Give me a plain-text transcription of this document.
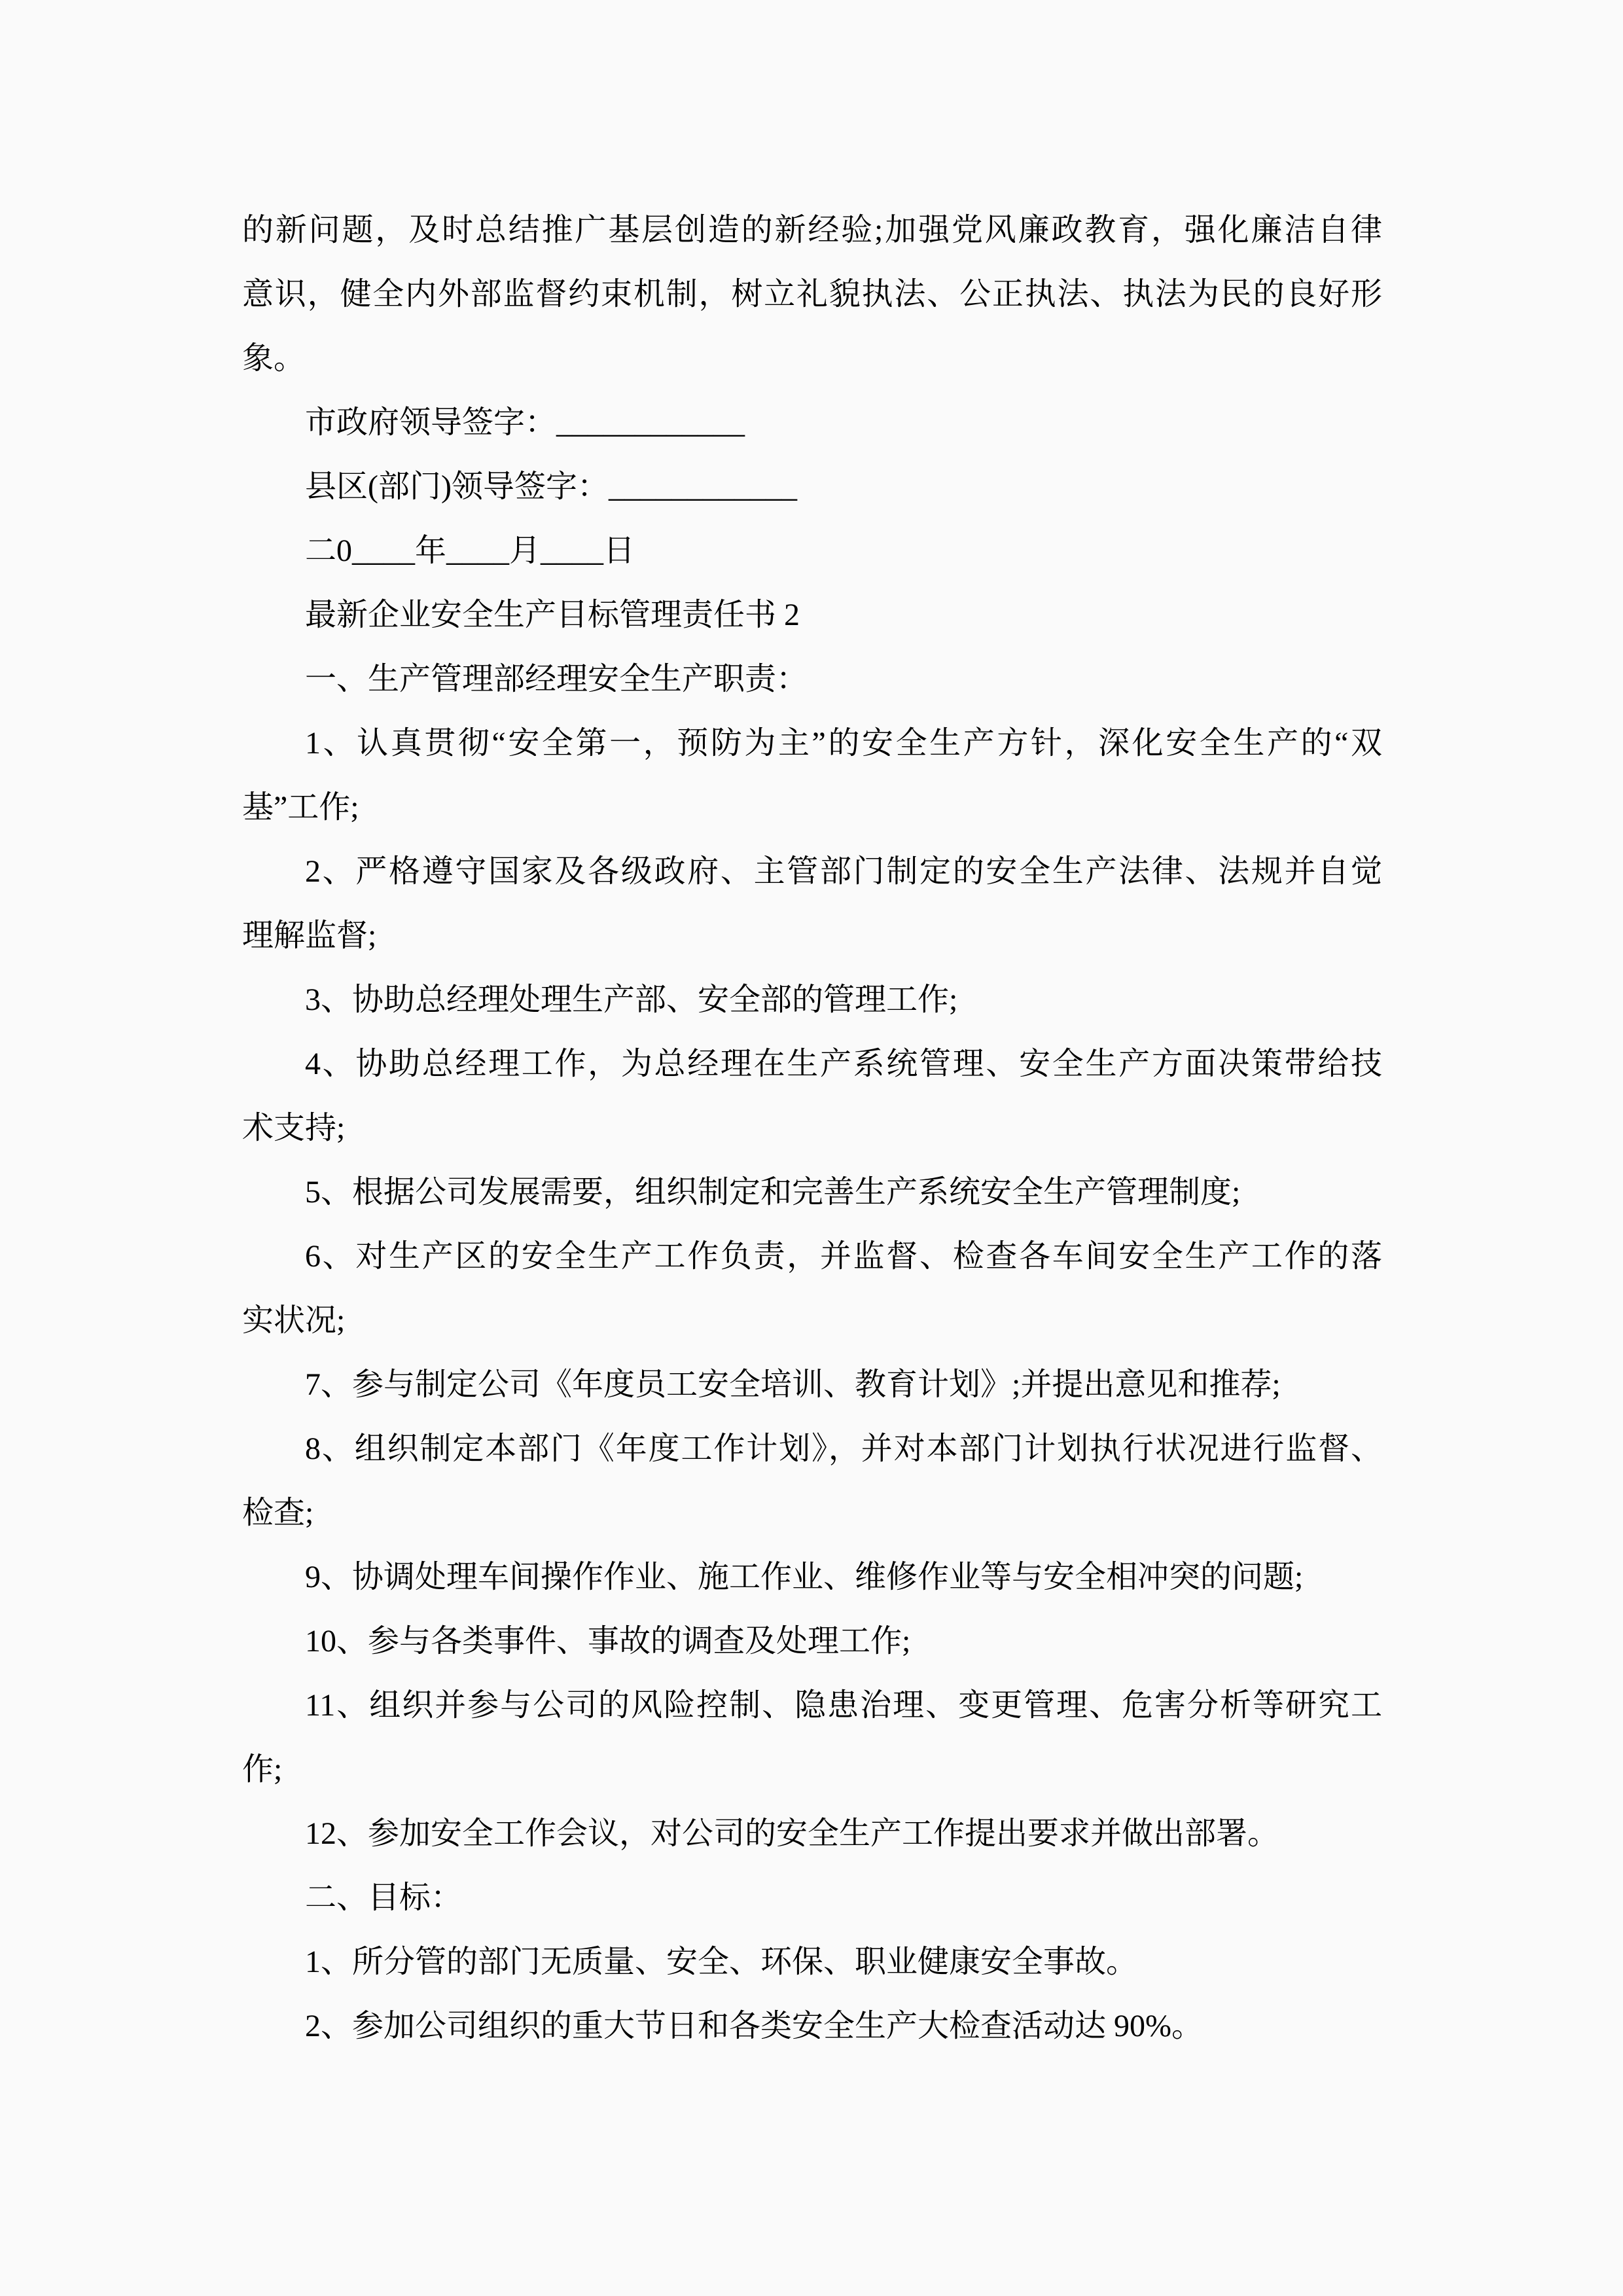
的新问题，及时总结推广基层创造的新经验;加强党风廉政教育，强化廉洁自律
意识，健全内外部监督约束机制，树立礼貌执法、公正执法、执法为民的良好形
象。
市政府领导签字：____________
县区(部门)领导签字：____________
二0____年____月____日
最新企业安全生产目标管理责任书 2
一、生产管理部经理安全生产职责：
1、认真贯彻“安全第一，预防为主”的安全生产方针，深化安全生产的“双
基”工作;
2、严格遵守国家及各级政府、主管部门制定的安全生产法律、法规并自觉
理解监督;
3、协助总经理处理生产部、安全部的管理工作;
4、协助总经理工作，为总经理在生产系统管理、安全生产方面决策带给技
术支持;
5、根据公司发展需要，组织制定和完善生产系统安全生产管理制度;
6、对生产区的安全生产工作负责，并监督、检查各车间安全生产工作的落
实状况;
7、参与制定公司《年度员工安全培训、教育计划》;并提出意见和推荐;
8、组织制定本部门《年度工作计划》，并对本部门计划执行状况进行监督、
检查;
9、协调处理车间操作作业、施工作业、维修作业等与安全相冲突的问题;
10、参与各类事件、事故的调查及处理工作;
11、组织并参与公司的风险控制、隐患治理、变更管理、危害分析等研究工
作;
12、参加安全工作会议，对公司的安全生产工作提出要求并做出部署。
二、目标：
1、所分管的部门无质量、安全、环保、职业健康安全事故。
2、参加公司组织的重大节日和各类安全生产大检查活动达 90%。
